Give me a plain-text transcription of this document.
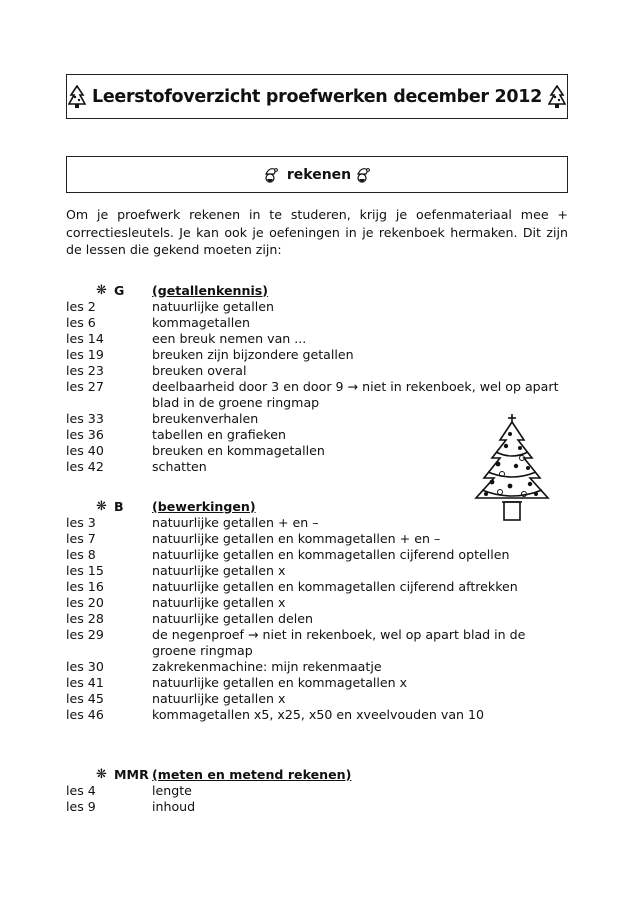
Leerstofoverzicht proefwerken december 2012
rekenen

Om je proefwerk rekenen in te studeren, krijg je oefenmateriaal mee + correctiesleutels. Je kan ook je oefeningen in je rekenboek hermaken. Dit zijn de lessen die gekend moeten zijn:

❋ G	(getallenkennis)
les 2	natuurlijke getallen
les 6	kommagetallen
les 14	een breuk nemen van ...
les 19	breuken zijn bijzondere getallen
les 23	breuken overal
les 27	deelbaarheid door 3 en door 9 → niet in rekenboek, wel op apart blad in de groene ringmap
les 33	breukenverhalen
les 36	tabellen en grafieken
les 40	breuken en kommagetallen
les 42	schatten
❋ B	(bewerkingen)
les 3	natuurlijke getallen + en –
les 7	natuurlijke getallen en kommagetallen + en –
les 8	natuurlijke getallen en kommagetallen cijferend optellen
les 15	natuurlijke getallen x
les 16	natuurlijke getallen en kommagetallen cijferend aftrekken
les 20	natuurlijke getallen x
les 28	natuurlijke getallen delen
les 29	de negenproef → niet in rekenboek, wel op apart blad in de groene ringmap
les 30	zakrekenmachine: mijn rekenmaatje
les 41	natuurlijke getallen en kommagetallen x
les 45	natuurlijke getallen x
les 46	kommagetallen x5, x25, x50 en xveelvouden van 10
❋ MMR (meten en metend rekenen)
les 4	lengte
les 9	inhoud
